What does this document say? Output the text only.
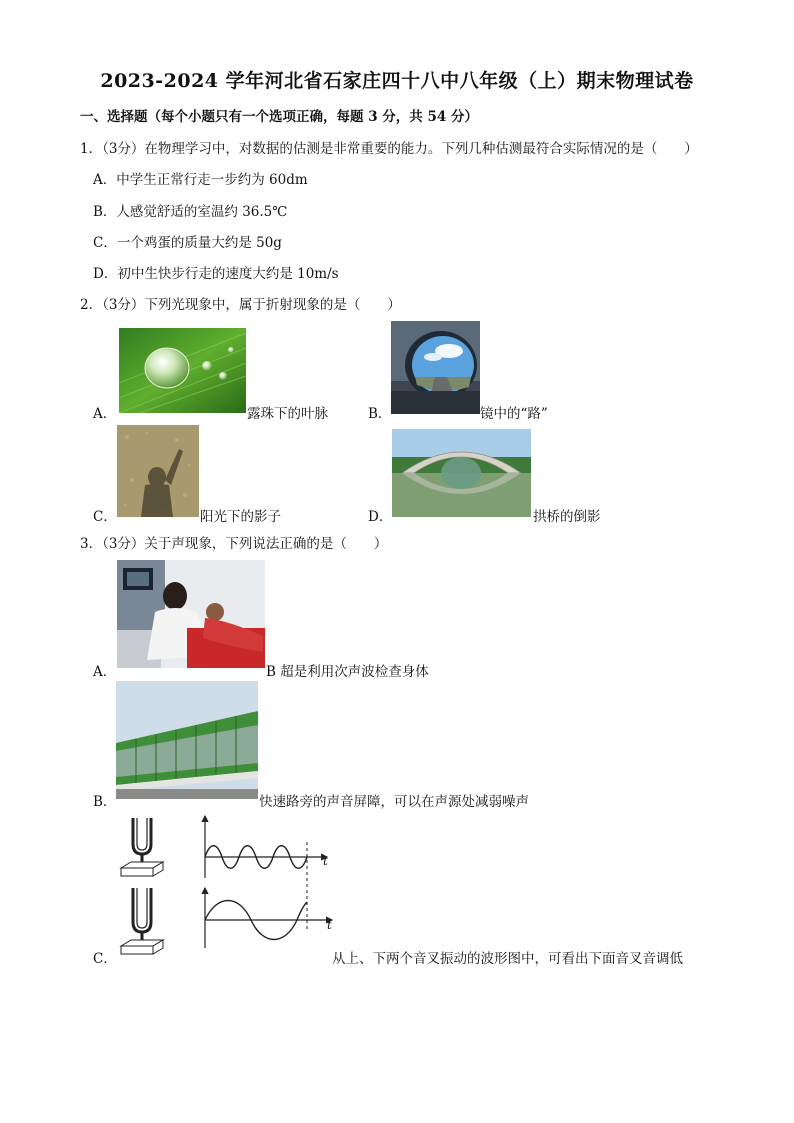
2023-2024 学年河北省石家庄四十八中八年级（上）期末物理试卷
一、选择题（每个小题只有一个选项正确，每题 3 分，共 54 分）
1．（3分）在物理学习中，对数据的估测是非常重要的能力。下列几种估测最符合实际情况的是（　　）
A．中学生正常行走一步约为 60dm
B．人感觉舒适的室温约 36.5℃
C．一个鸡蛋的质量大约是 50g
D．初中生快步行走的速度大约是 10m/s
2．（3分）下列光现象中，属于折射现象的是（　　）
A．	露珠下的叶脉	B．	镜中的“路”
C．	阳光下的影子	D．	拱桥的倒影
3．（3分）关于声现象，下列说法正确的是（　　）
A．	B 超是利用次声波检查身体
B．	快速路旁的声音屏障，可以在声源处减弱噪声
C．
t
t
从上、下两个音叉振动的波形图中，可看出下面音叉音调低
